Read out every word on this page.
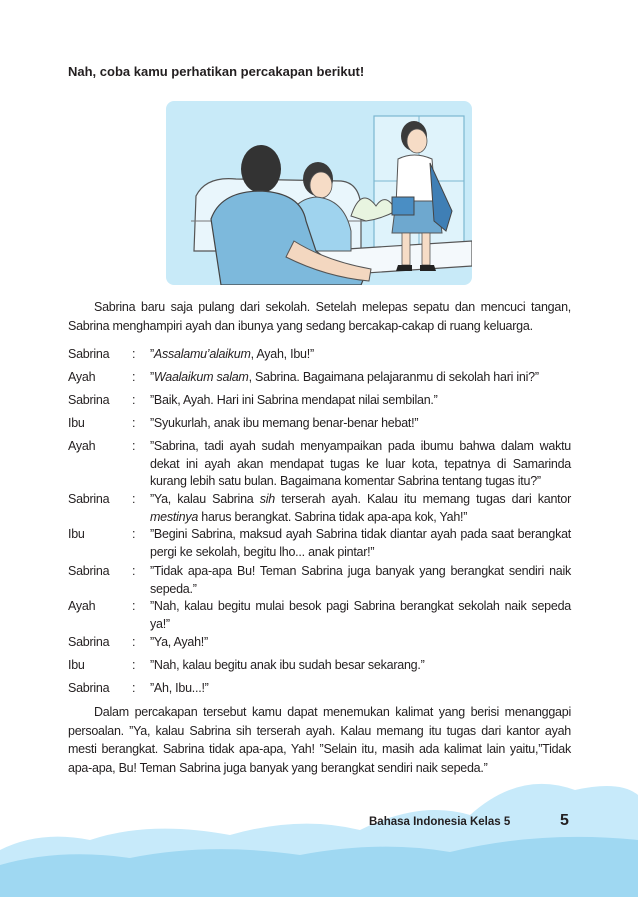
Nah, coba kamu perhatikan percakapan berikut!
Sabrina baru saja pulang dari sekolah. Setelah melepas sepatu dan mencuci tangan, Sabrina menghampiri ayah dan ibunya yang sedang bercakap-cakap di ruang keluarga.
Sabrina : ”Assalamu’alaikum, Ayah, Ibu!”
Ayah	: ”Waalaikum salam, Sabrina. Bagaimana pelajaranmu di sekolah hari ini?”
Sabrina : ”Baik, Ayah. Hari ini Sabrina mendapat nilai sembilan.”
Ibu	: ”Syukurlah, anak ibu memang benar-benar hebat!”
Ayah	: ”Sabrina, tadi ayah sudah menyampaikan pada ibumu bahwa dalam waktu dekat ini ayah akan mendapat tugas ke luar kota, tepatnya di Samarinda kurang lebih satu bulan. Bagaimana komentar Sabrina tentang tugas itu?”
Sabrina : ”Ya, kalau Sabrina sih terserah ayah. Kalau itu memang tugas dari kantor mestinya harus berangkat. Sabrina tidak apa-apa kok, Yah!”
Ibu	: ”Begini Sabrina, maksud ayah Sabrina tidak diantar ayah pada saat berangkat pergi ke sekolah, begitu lho... anak pintar!”
Sabrina : ”Tidak apa-apa Bu! Teman Sabrina juga banyak yang berangkat sendiri naik sepeda.”
Ayah	: ”Nah, kalau begitu mulai besok pagi Sabrina berangkat sekolah naik sepeda ya!”
Sabrina : ”Ya, Ayah!”
Ibu	: ”Nah, kalau begitu anak ibu sudah besar sekarang.”
Sabrina : ”Ah, Ibu...!”
Dalam percakapan tersebut kamu dapat menemukan kalimat yang berisi menanggapi persoalan. ”Ya, kalau Sabrina sih terserah ayah. Kalau memang itu tugas dari kantor ayah mesti berangkat. Sabrina tidak apa-apa, Yah! ”Selain itu, masih ada kalimat lain yaitu,”Tidak apa-apa, Bu! Teman Sabrina juga banyak yang berangkat sendiri naik sepeda.”
Bahasa Indonesia Kelas 5	5
